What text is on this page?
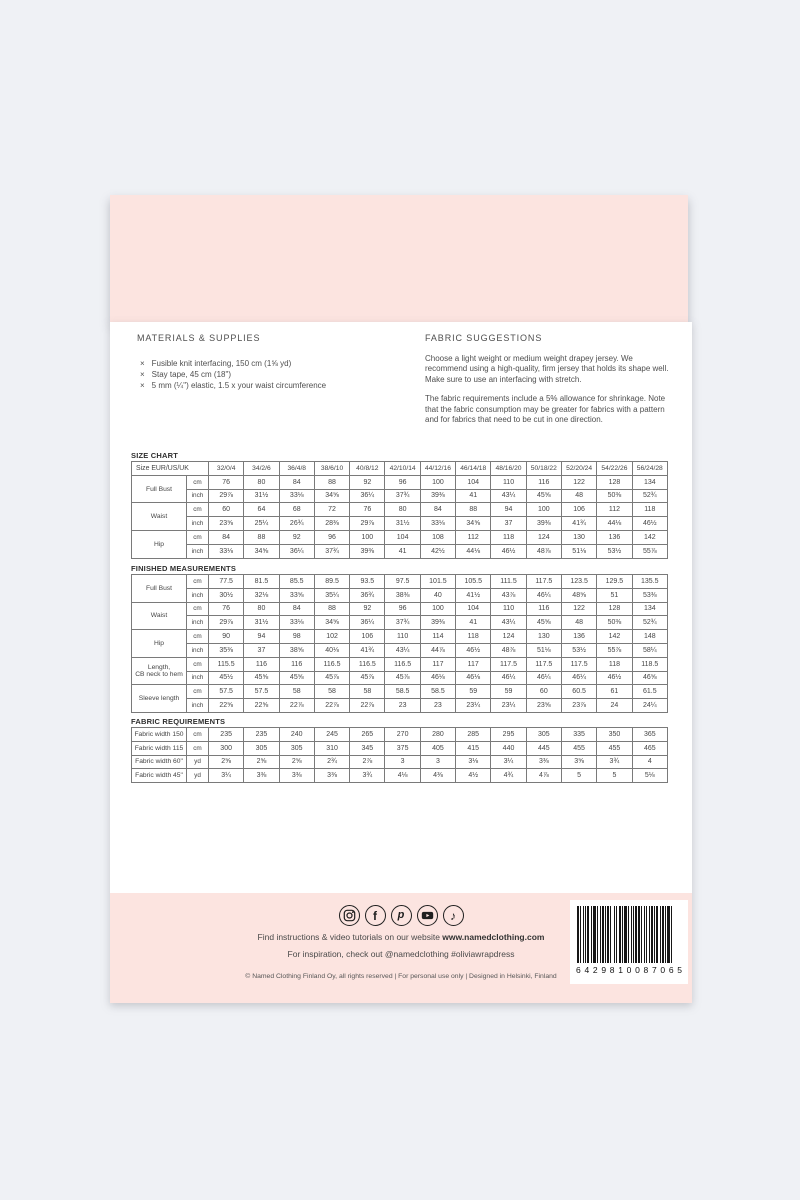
MATERIALS & SUPPLIES
× Fusible knit interfacing, 150 cm (1⅝ yd)
× Stay tape, 45 cm (18")
× 5 mm (¼") elastic, 1.5 x your waist circumference
FABRIC SUGGESTIONS
Choose a light weight or medium weight drapey jersey. We recommend using a high-quality, firm jersey that holds its shape well. Make sure to use an interfacing with stretch.
The fabric requirements include a 5% allowance for shrinkage. Note that the fabric consumption may be greater for fabrics with a pattern and for fabrics that need to be cut in one direction.
SIZE CHART
Size EUR/US/UK		32/0/4	34/2/6	36/4/8	38/6/10	40/8/12	42/10/14	44/12/16	46/14/18	48/16/20	50/18/22	52/20/24	54/22/26	56/24/28
Full Bust	cm	76	80	84	88	92	96	100	104	110	116	122	128	134
	inch	29⅞	31½	33⅛	34⅝	36¼	37¾	39⅜	41	43¼	45⅝	48	50⅜	52¾
Waist	cm	60	64	68	72	76	80	84	88	94	100	106	112	118
	inch	23⅝	25¼	26¾	28⅜	29⅞	31½	33⅛	34⅝	37	39⅜	41¾	44⅛	46½
Hip	cm	84	88	92	96	100	104	108	112	118	124	130	136	142
	inch	33⅛	34⅝	36¼	37¾	39⅜	41	42½	44⅛	46½	48⅞	51⅛	53½	55⅞
FINISHED MEASUREMENTS
Full Bust	cm	77.5	81.5	85.5	89.5	93.5	97.5	101.5	105.5	111.5	117.5	123.5	129.5	135.5
	inch	30½	32⅛	33⅝	35¼	36¾	38⅜	40	41½	43⅞	46¼	48⅝	51	53⅜
Waist	cm	76	80	84	88	92	96	100	104	110	116	122	128	134
	inch	29⅞	31½	33⅛	34⅝	36¼	37¾	39⅜	41	43¼	45⅝	48	50⅜	52¾
Hip	cm	90	94	98	102	106	110	114	118	124	130	136	142	148
	inch	35⅜	37	38⅝	40⅛	41¾	43¼	44⅞	46½	48⅞	51⅛	53½	55⅞	58¼
Length,
CB neck to hem	cm	115.5	116	116	116.5	116.5	116.5	117	117	117.5	117.5	117.5	118	118.5
	inch	45½	45⅝	45⅝	45⅞	45⅞	45⅞	46⅛	46⅛	46¼	46¼	46¼	46½	46⅝
Sleeve length	cm	57.5	57.5	58	58	58	58.5	58.5	59	59	60	60.5	61	61.5
	inch	22⅝	22⅝	22⅞	22⅞	22⅞	23	23	23¼	23¼	23⅝	23⅞	24	24¼
FABRIC REQUIREMENTS
Fabric width 150	cm	235	235	240	245	265	270	280	285	295	305	335	350	365
Fabric width 115	cm	300	305	305	310	345	375	405	415	440	445	455	455	465
Fabric width 60"	yd	2⅝	2⅝	2⅝	2¾	2⅞	3	3	3⅛	3¼	3⅜	3⅝	3¾	4
Fabric width 45"	yd	3¼	3⅜	3⅜	3⅜	3¾	4⅛	4⅜	4½	4¾	4⅞	5	5	5⅛
f p	♪
Find instructions & video tutorials on our website www.namedclothing.com
For inspiration, check out @namedclothing #oliviawrapdress
© Named Clothing Finland Oy, all rights reserved | For personal use only | Designed in Helsinki, Finland
6 4 2 9 8 1 0 0 8 7 0 6 5
